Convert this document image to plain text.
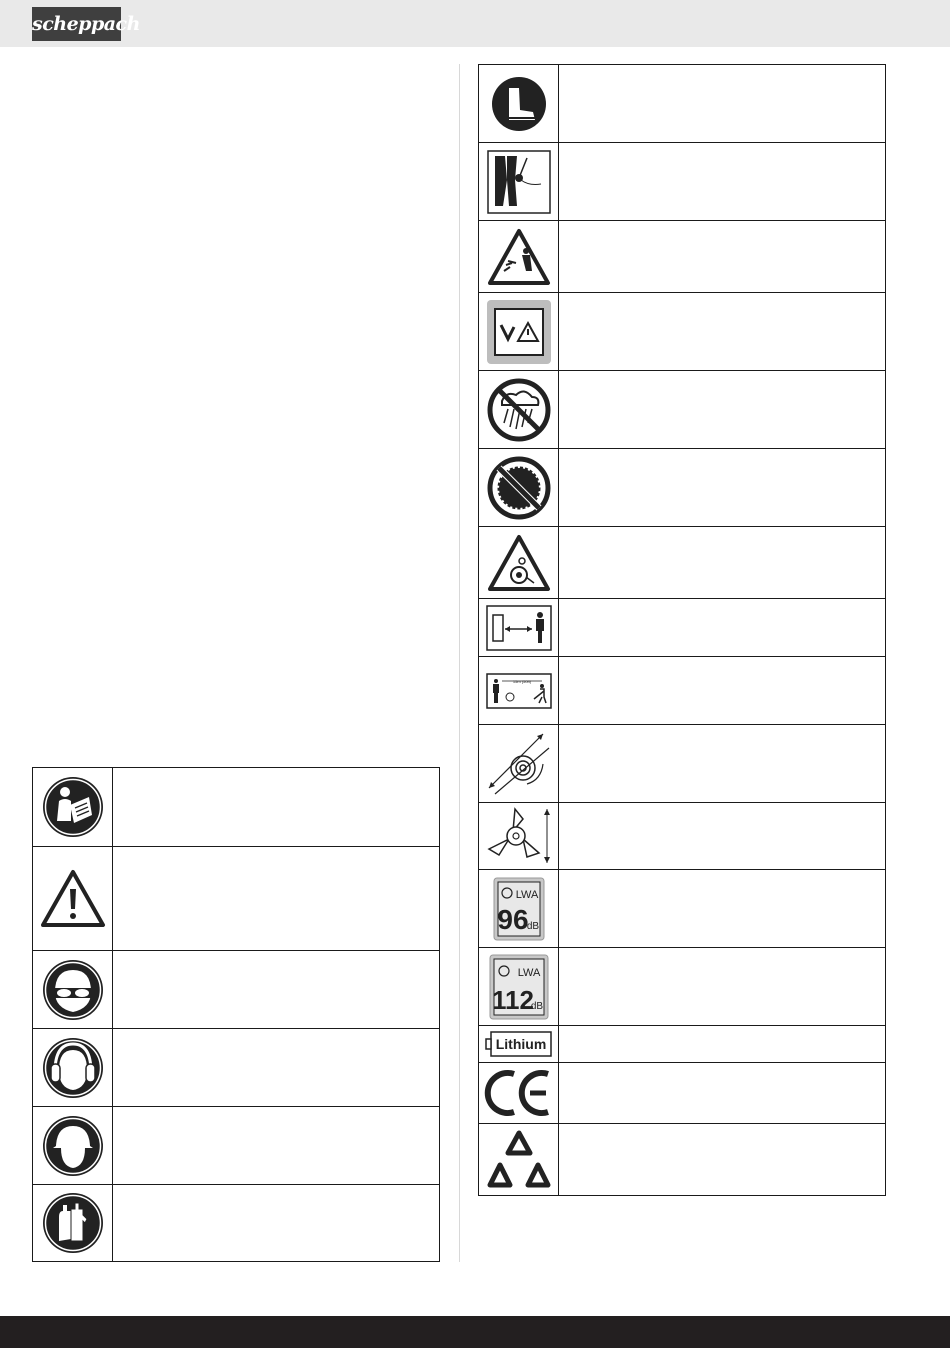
scheppach

15m (50ft)	

LWA
96
dB	

LWA
112
dB	

Lithium	
